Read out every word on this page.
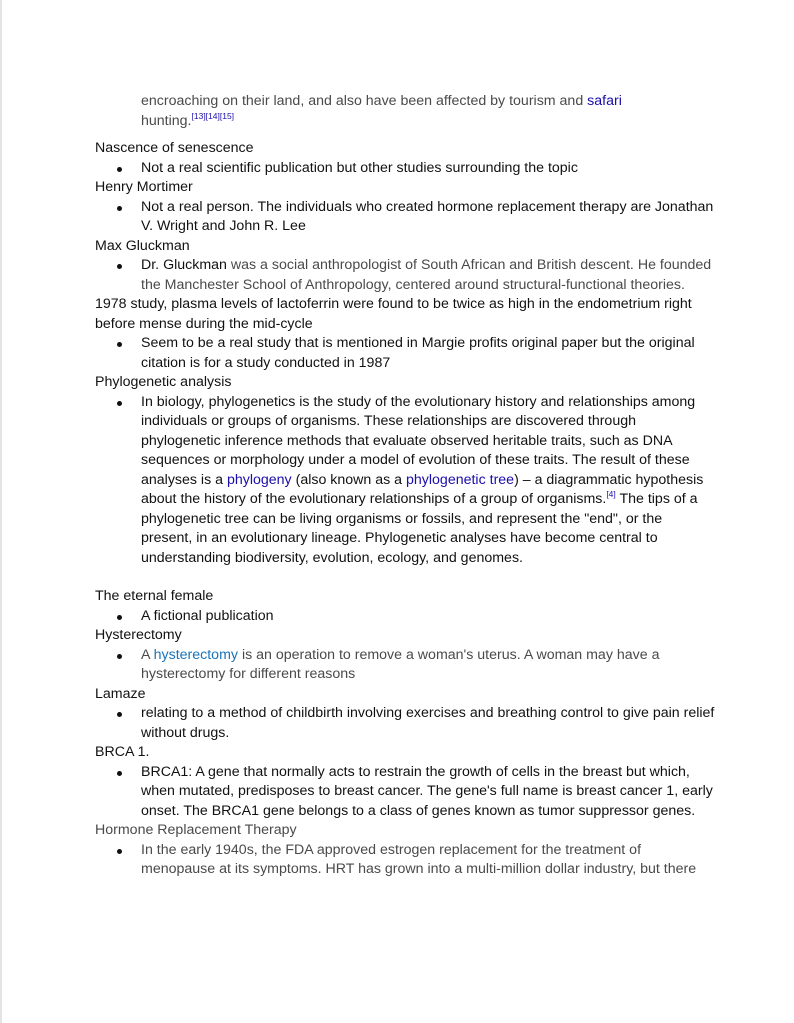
encroaching on their land, and also have been affected by tourism and safari
hunting.[13][14][15]
Nascence of senescence
Not a real scientific publication but other studies surrounding the topic
Henry Mortimer
Not a real person. The individuals who created hormone replacement therapy are Jonathan V. Wright and John R. Lee
Max Gluckman
Dr. Gluckman was a social anthropologist of South African and British descent. He founded the Manchester School of Anthropology, centered around structural-functional theories.
1978 study, plasma levels of lactoferrin were found to be twice as high in the endometrium right before mense during the mid-cycle
Seem to be a real study that is mentioned in Margie profits original paper but the original citation is for a study conducted in 1987
Phylogenetic analysis
In biology, phylogenetics is the study of the evolutionary history and relationships among individuals or groups of organisms. These relationships are discovered through phylogenetic inference methods that evaluate observed heritable traits, such as DNA sequences or morphology under a model of evolution of these traits. The result of these analyses is a phylogeny (also known as a phylogenetic tree) – a diagrammatic hypothesis about the history of the evolutionary relationships of a group of organisms.[4] The tips of a phylogenetic tree can be living organisms or fossils, and represent the "end", or the present, in an evolutionary lineage. Phylogenetic analyses have become central to understanding biodiversity, evolution, ecology, and genomes.
The eternal female
A fictional publication
Hysterectomy
A hysterectomy is an operation to remove a woman's uterus. A woman may have a hysterectomy for different reasons
Lamaze
relating to a method of childbirth involving exercises and breathing control to give pain relief without drugs.
BRCA 1.
BRCA1: A gene that normally acts to restrain the growth of cells in the breast but which, when mutated, predisposes to breast cancer. The gene's full name is breast cancer 1, early onset. The BRCA1 gene belongs to a class of genes known as tumor suppressor genes.
Hormone Replacement Therapy
In the early 1940s, the FDA approved estrogen replacement for the treatment of menopause at its symptoms. HRT has grown into a multi-million dollar industry, but there
